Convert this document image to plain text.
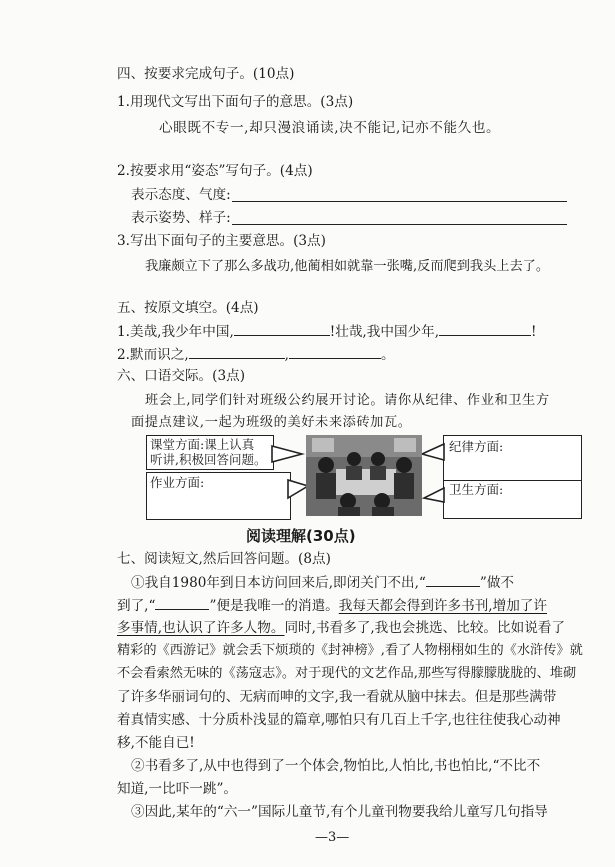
四、按要求完成句子。(10点)
1.用现代文写出下面句子的意思。(3点)
心眼既不专一,却只漫浪诵读,决不能记,记亦不能久也。
2.按要求用“姿态”写句子。(4点)
表示态度、气度:
表示姿势、样子:
3.写出下面句子的主要意思。(3点)
我廉颇立下了那么多战功,他蔺相如就靠一张嘴,反而爬到我头上去了。
五、按原文填空。(4点)
1.美哉,我少年中国,	!壮哉,我中国少年,	!
2.默而识之,	,	。
六、口语交际。(3点)
班会上,同学们针对班级公约展开讨论。请你从纪律、作业和卫生方
面提点建议,一起为班级的美好未来添砖加瓦。
课堂方面:课上认真
听讲,积极回答问题。
作业方面:
纪律方面:
卫生方面:
阅读理解(30点)
七、阅读短文,然后回答问题。(8点)
①我自1980年到日本访问回来后,即闭关门不出,“	”做不
到了,“	”便是我唯一的消遣。我每天都会得到许多书刊,增加了许
多事情,也认识了许多人物。同时,书看多了,我也会挑选、比较。比如说看了
精彩的《西游记》就会丢下烦琐的《封神榜》,看了人物栩栩如生的《水浒传》就
不会看索然无味的《荡寇志》。对于现代的文艺作品,那些写得朦朦胧胧的、堆砌
了许多华丽词句的、无病而呻的文字,我一看就从脑中抹去。但是那些满带
着真情实感、十分质朴浅显的篇章,哪怕只有几百上千字,也往往使我心动神
移,不能自已!
②书看多了,从中也得到了一个体会,物怕比,人怕比,书也怕比,“不比不
知道,一比吓一跳”。
③因此,某年的“六一”国际儿童节,有个儿童刊物要我给儿童写几句指导
—3—
